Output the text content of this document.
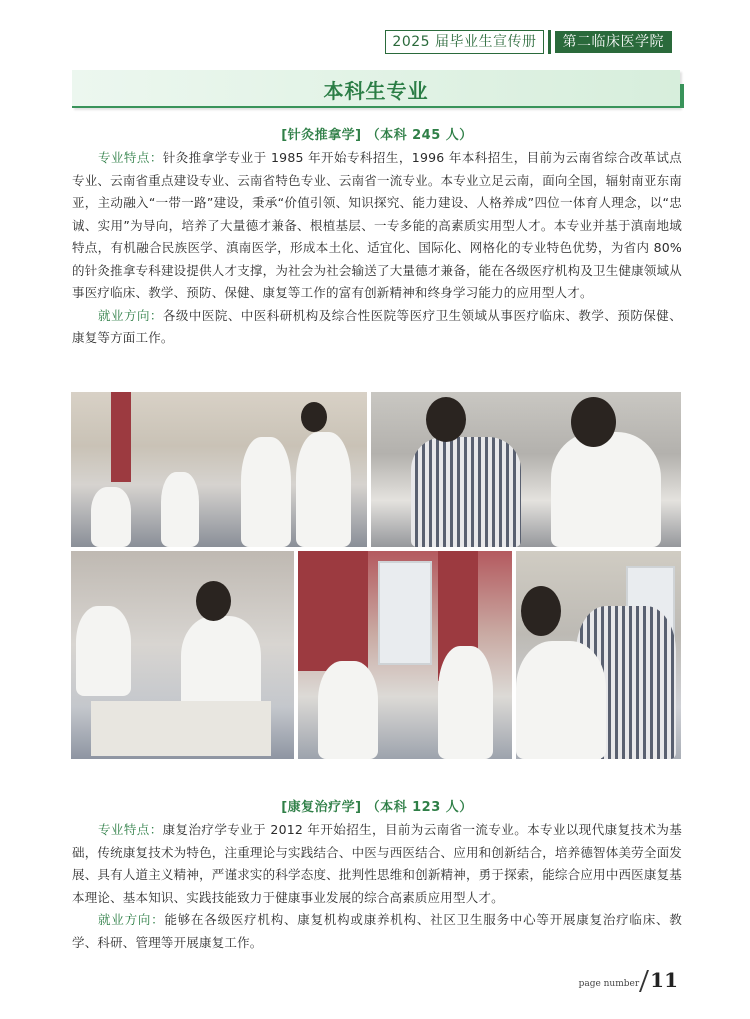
2025 届毕业生宣传册	第二临床医学院
本科生专业
[针灸推拿学] （本科 245 人）

专业特点：针灸推拿学专业于 1985 年开始专科招生，1996 年本科招生，目前为云南省综合改革试点专业、云南省重点建设专业、云南省特色专业、云南省一流专业。本专业立足云南，面向全国，辐射南亚东南亚，主动融入“一带一路”建设，秉承“价值引领、知识探究、能力建设、人格养成”四位一体育人理念，以“忠诚、实用”为导向，培养了大量德才兼备、根植基层、一专多能的高素质实用型人才。本专业并基于滇南地域特点，有机融合民族医学、滇南医学，形成本土化、适宜化、国际化、网格化的专业特色优势，为省内 80% 的针灸推拿专科建设提供人才支撑，为社会为社会输送了大量德才兼备，能在各级医疗机构及卫生健康领域从事医疗临床、教学、预防、保健、康复等工作的富有创新精神和终身学习能力的应用型人才。

就业方向：各级中医院、中医科研机构及综合性医院等医疗卫生领域从事医疗临床、教学、预防保健、康复等方面工作。

[康复治疗学] （本科 123 人）

专业特点：康复治疗学专业于 2012 年开始招生，目前为云南省一流专业。本专业以现代康复技术为基础，传统康复技术为特色，注重理论与实践结合、中医与西医结合、应用和创新结合，培养德智体美劳全面发展、具有人道主义精神，严谨求实的科学态度、批判性思维和创新精神，勇于探索，能综合应用中西医康复基本理论、基本知识、实践技能致力于健康事业发展的综合高素质应用型人才。

就业方向：能够在各级医疗机构、康复机构或康养机构、社区卫生服务中心等开展康复治疗临床、教学、科研、管理等开展康复工作。

page number 11
